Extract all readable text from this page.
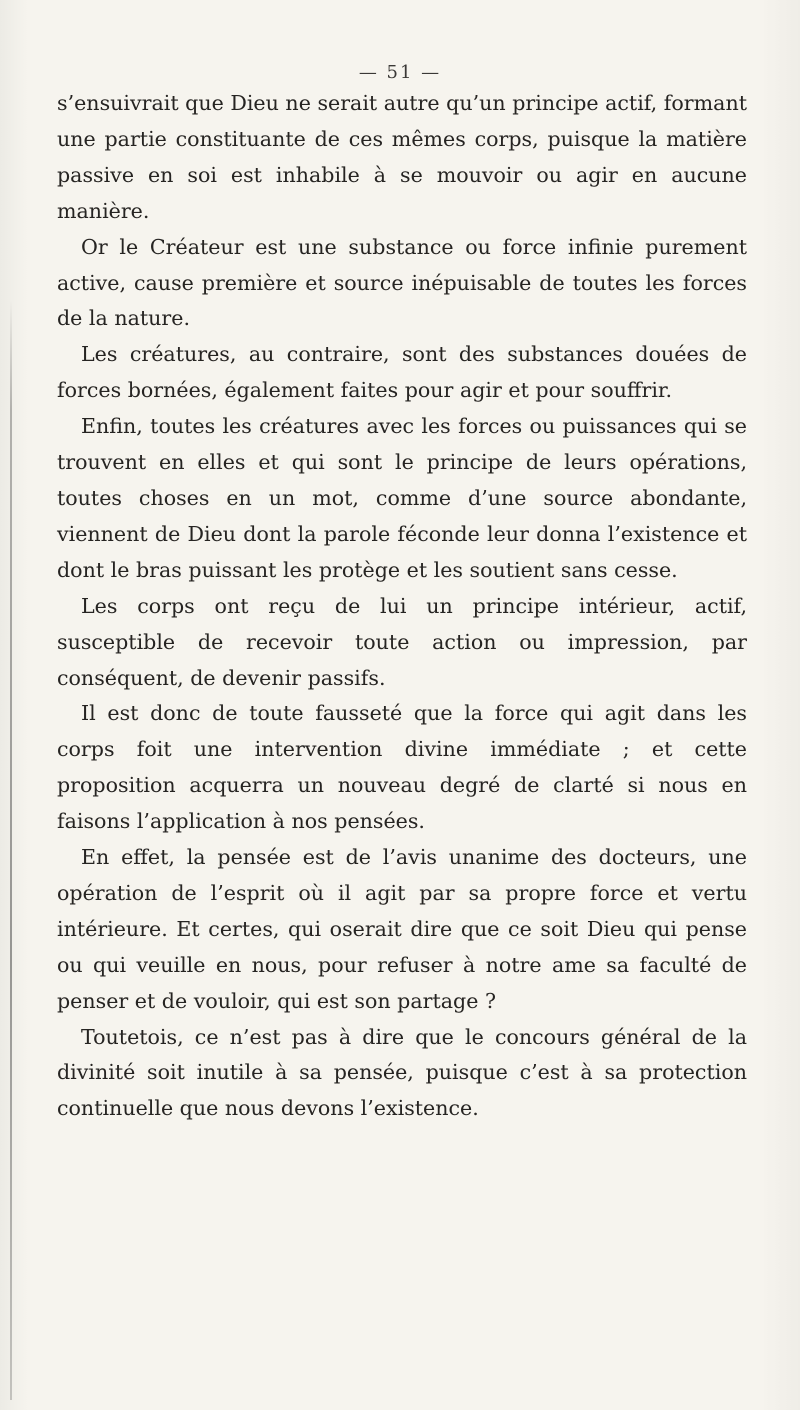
— 51 —

s’ensuivrait que Dieu ne serait autre qu’un principe actif, formant une partie constituante de ces mêmes corps, puisque la matière passive en soi est inhabile à se mouvoir ou agir en aucune manière.

Or le Créateur est une substance ou force infinie purement active, cause première et source inépuisable de toutes les forces de la nature.

Les créatures, au contraire, sont des substances douées de forces bornées, également faites pour agir et pour souffrir.

Enfin, toutes les créatures avec les forces ou puissances qui se trouvent en elles et qui sont le principe de leurs opérations, toutes choses en un mot, comme d’une source abondante, viennent de Dieu dont la parole féconde leur donna l’existence et dont le bras puissant les protège et les soutient sans cesse.

Les corps ont reçu de lui un principe intérieur, actif, susceptible de recevoir toute action ou impression, par conséquent, de devenir passifs.

Il est donc de toute fausseté que la force qui agit dans les corps foit une intervention divine immédiate ; et cette proposition acquerra un nouveau degré de clarté si nous en faisons l’application à nos pensées.

En effet, la pensée est de l’avis unanime des docteurs, une opération de l’esprit où il agit par sa propre force et vertu intérieure. Et certes, qui oserait dire que ce soit Dieu qui pense ou qui veuille en nous, pour refuser à notre ame sa faculté de penser et de vouloir, qui est son partage ?

Toutetois, ce n’est pas à dire que le concours général de la divinité soit inutile à sa pensée, puisque c’est à sa protection continuelle que nous devons l’existence.
